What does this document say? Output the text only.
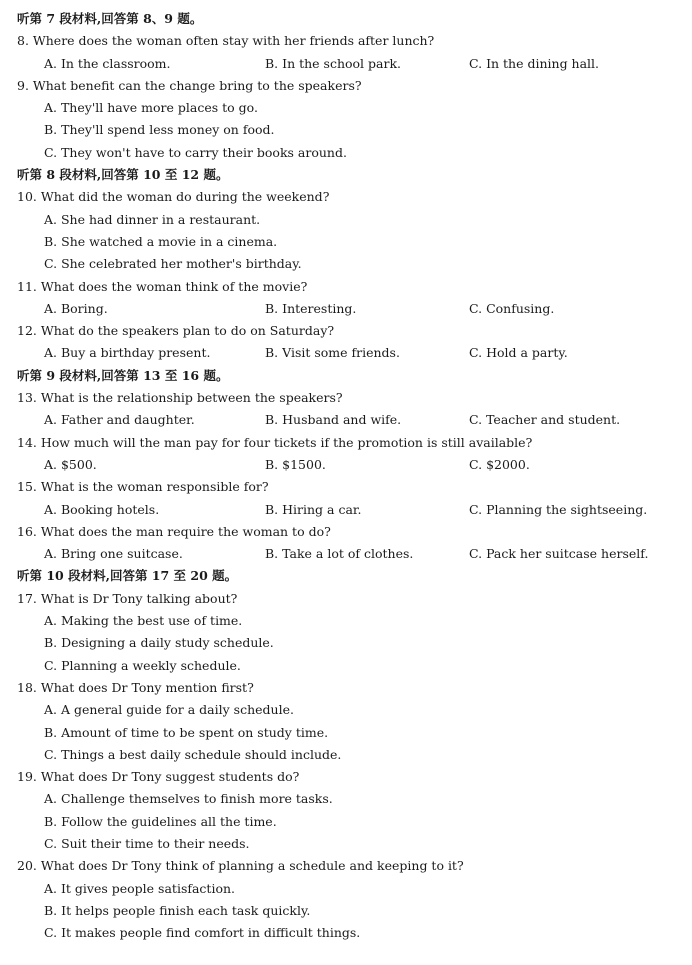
听第 7 段材料,回答第 8、9 题。
8. Where does the woman often stay with her friends after lunch?
A. In the classroom.	B. In the school park.	C. In the dining hall.
9. What benefit can the change bring to the speakers?
A. They'll have more places to go.
B. They'll spend less money on food.
C. They won't have to carry their books around.
听第 8 段材料,回答第 10 至 12 题。
10. What did the woman do during the weekend?
A. She had dinner in a restaurant.
B. She watched a movie in a cinema.
C. She celebrated her mother's birthday.
11. What does the woman think of the movie?
A. Boring.	B. Interesting.	C. Confusing.
12. What do the speakers plan to do on Saturday?
A. Buy a birthday present.	B. Visit some friends.	C. Hold a party.
听第 9 段材料,回答第 13 至 16 题。
13. What is the relationship between the speakers?
A. Father and daughter.	B. Husband and wife.	C. Teacher and student.
14. How much will the man pay for four tickets if the promotion is still available?
A. $500.	B. $1500.	C. $2000.
15. What is the woman responsible for?
A. Booking hotels.	B. Hiring a car.	C. Planning the sightseeing.
16. What does the man require the woman to do?
A. Bring one suitcase.	B. Take a lot of clothes.	C. Pack her suitcase herself.
听第 10 段材料,回答第 17 至 20 题。
17. What is Dr Tony talking about?
A. Making the best use of time.
B. Designing a daily study schedule.
C. Planning a weekly schedule.
18. What does Dr Tony mention first?
A. A general guide for a daily schedule.
B. Amount of time to be spent on study time.
C. Things a best daily schedule should include.
19. What does Dr Tony suggest students do?
A. Challenge themselves to finish more tasks.
B. Follow the guidelines all the time.
C. Suit their time to their needs.
20. What does Dr Tony think of planning a schedule and keeping to it?
A. It gives people satisfaction.
B. It helps people finish each task quickly.
C. It makes people find comfort in difficult things.
